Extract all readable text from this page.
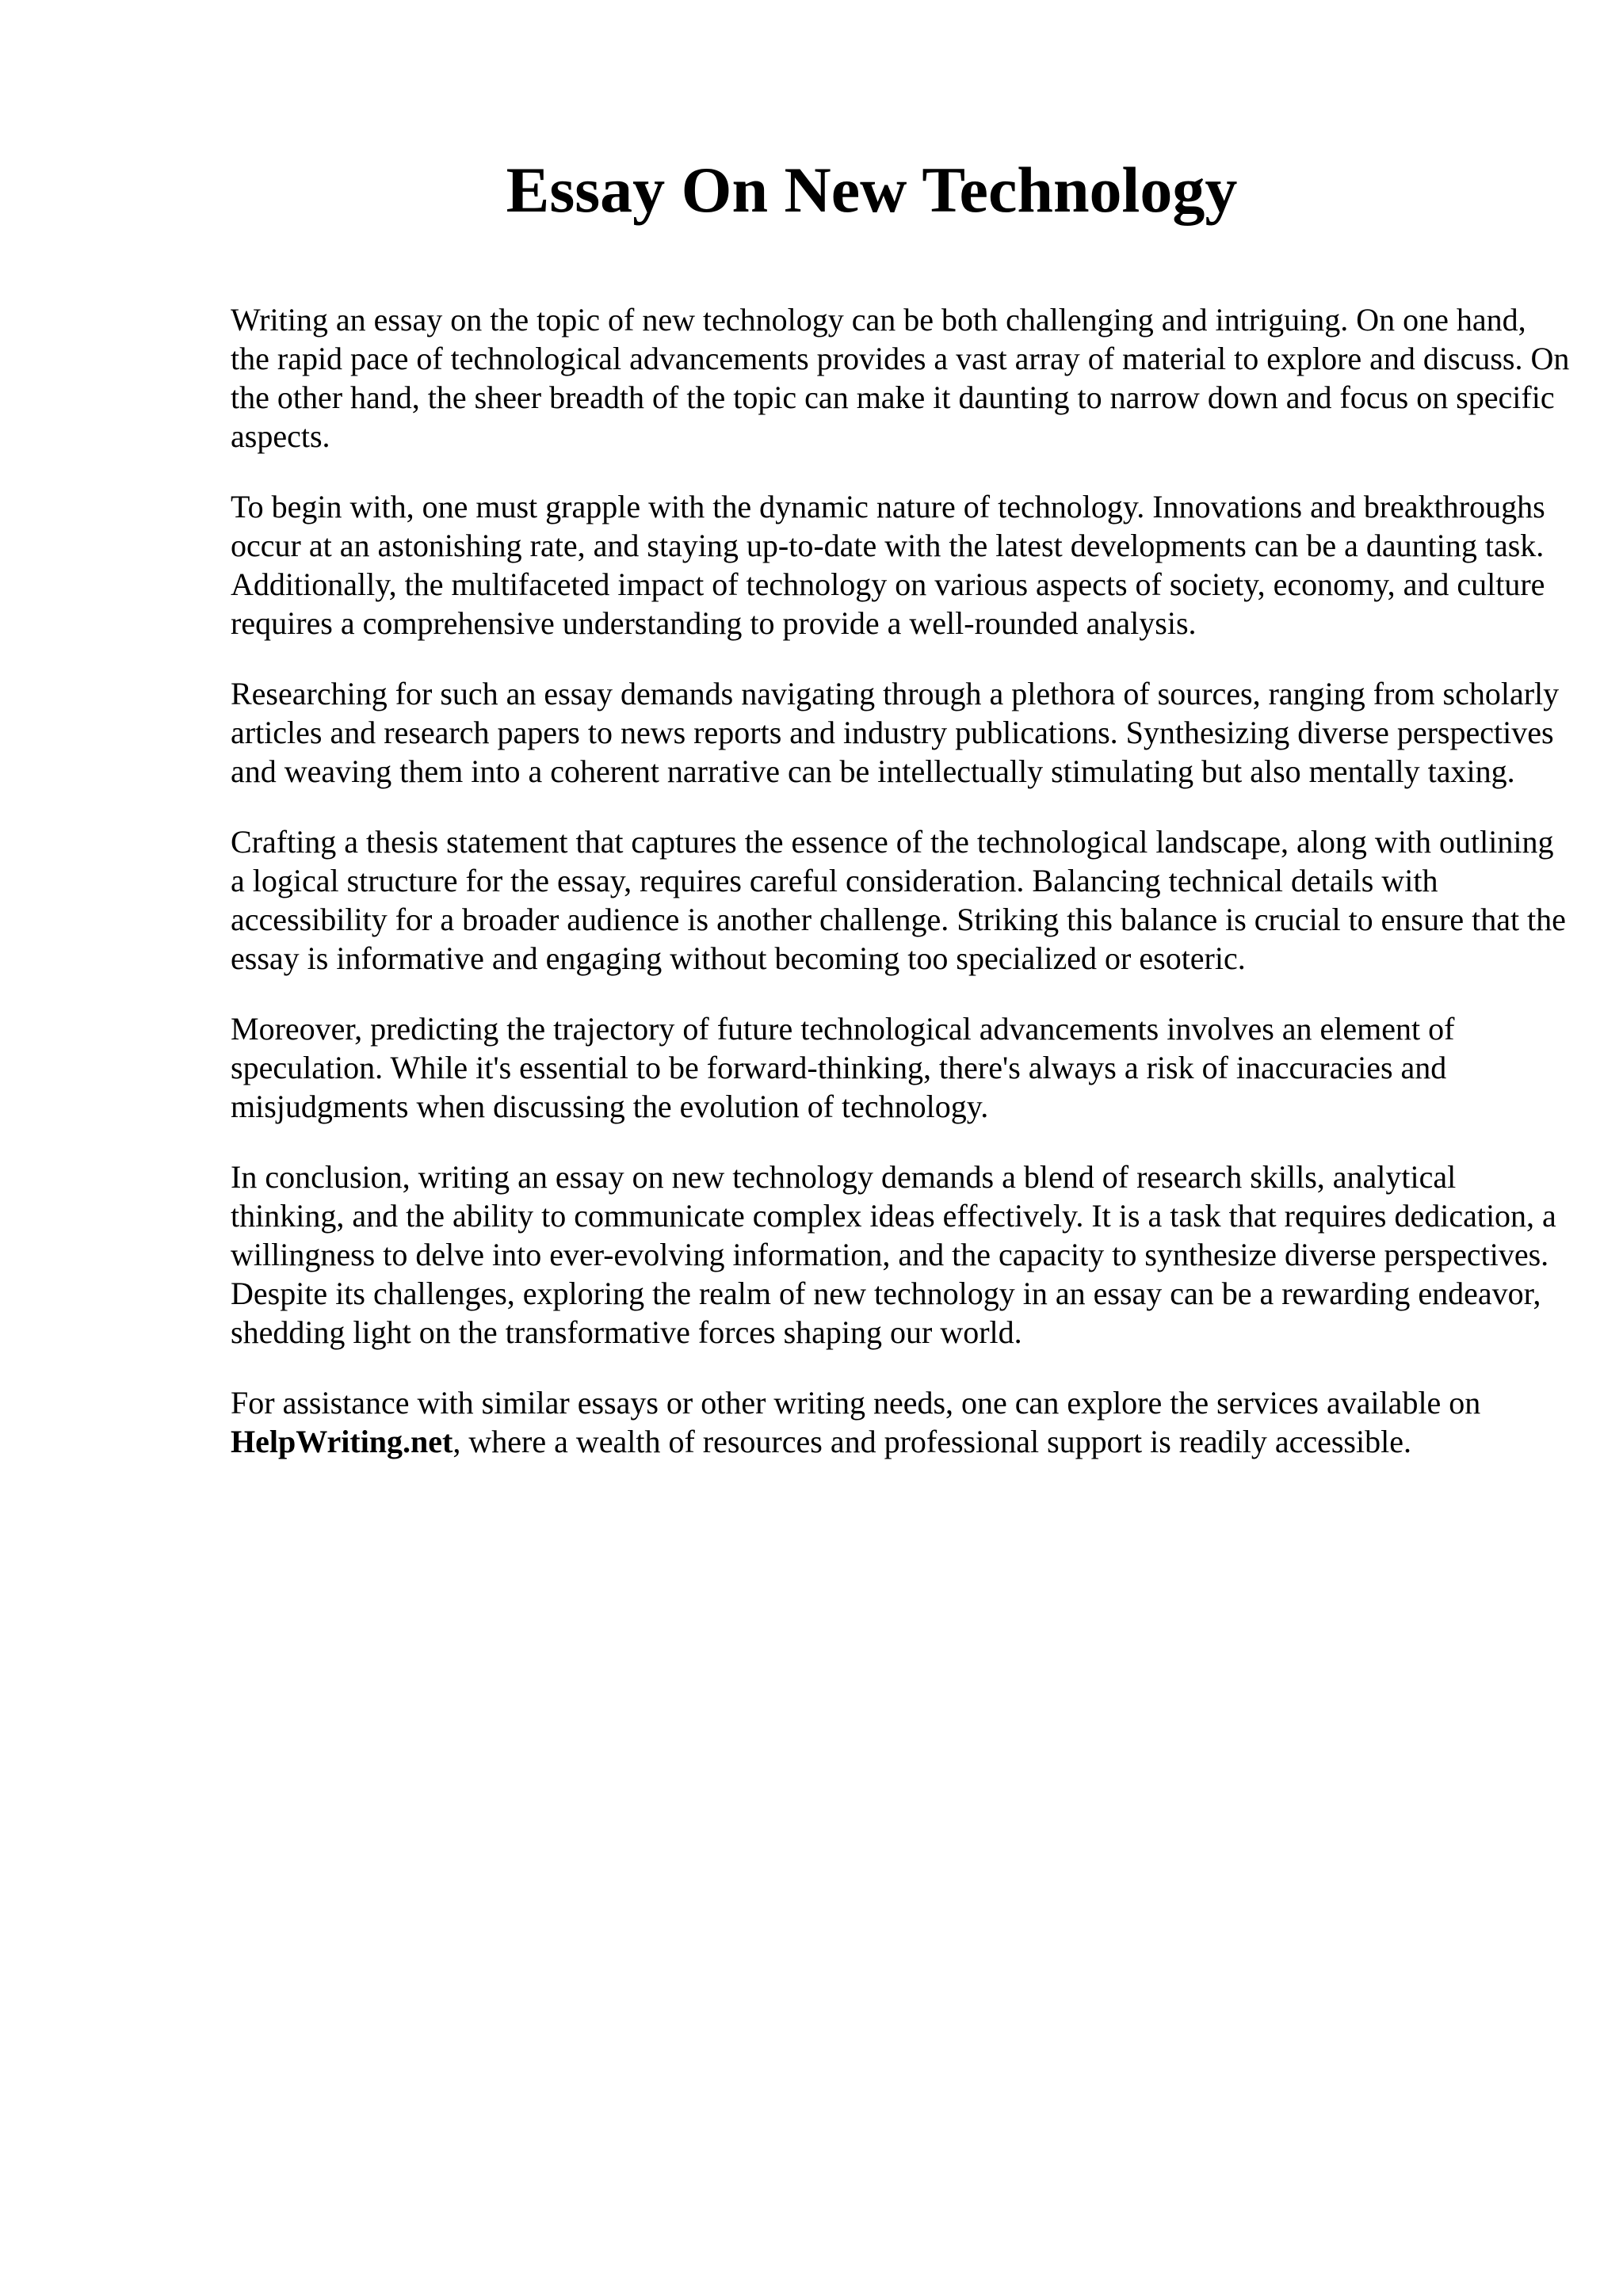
Essay On New Technology

Writing an essay on the topic of new technology can be both challenging and intriguing. On one hand, the rapid pace of technological advancements provides a vast array of material to explore and discuss. On the other hand, the sheer breadth of the topic can make it daunting to narrow down and focus on specific aspects.

To begin with, one must grapple with the dynamic nature of technology. Innovations and breakthroughs occur at an astonishing rate, and staying up-to-date with the latest developments can be a daunting task. Additionally, the multifaceted impact of technology on various aspects of society, economy, and culture requires a comprehensive understanding to provide a well-rounded analysis.

Researching for such an essay demands navigating through a plethora of sources, ranging from scholarly articles and research papers to news reports and industry publications. Synthesizing diverse perspectives and weaving them into a coherent narrative can be intellectually stimulating but also mentally taxing.

Crafting a thesis statement that captures the essence of the technological landscape, along with outlining a logical structure for the essay, requires careful consideration. Balancing technical details with accessibility for a broader audience is another challenge. Striking this balance is crucial to ensure that the essay is informative and engaging without becoming too specialized or esoteric.

Moreover, predicting the trajectory of future technological advancements involves an element of speculation. While it's essential to be forward-thinking, there's always a risk of inaccuracies and misjudgments when discussing the evolution of technology.

In conclusion, writing an essay on new technology demands a blend of research skills, analytical thinking, and the ability to communicate complex ideas effectively. It is a task that requires dedication, a willingness to delve into ever-evolving information, and the capacity to synthesize diverse perspectives. Despite its challenges, exploring the realm of new technology in an essay can be a rewarding endeavor, shedding light on the transformative forces shaping our world.

For assistance with similar essays or other writing needs, one can explore the services available on HelpWriting.net, where a wealth of resources and professional support is readily accessible.
